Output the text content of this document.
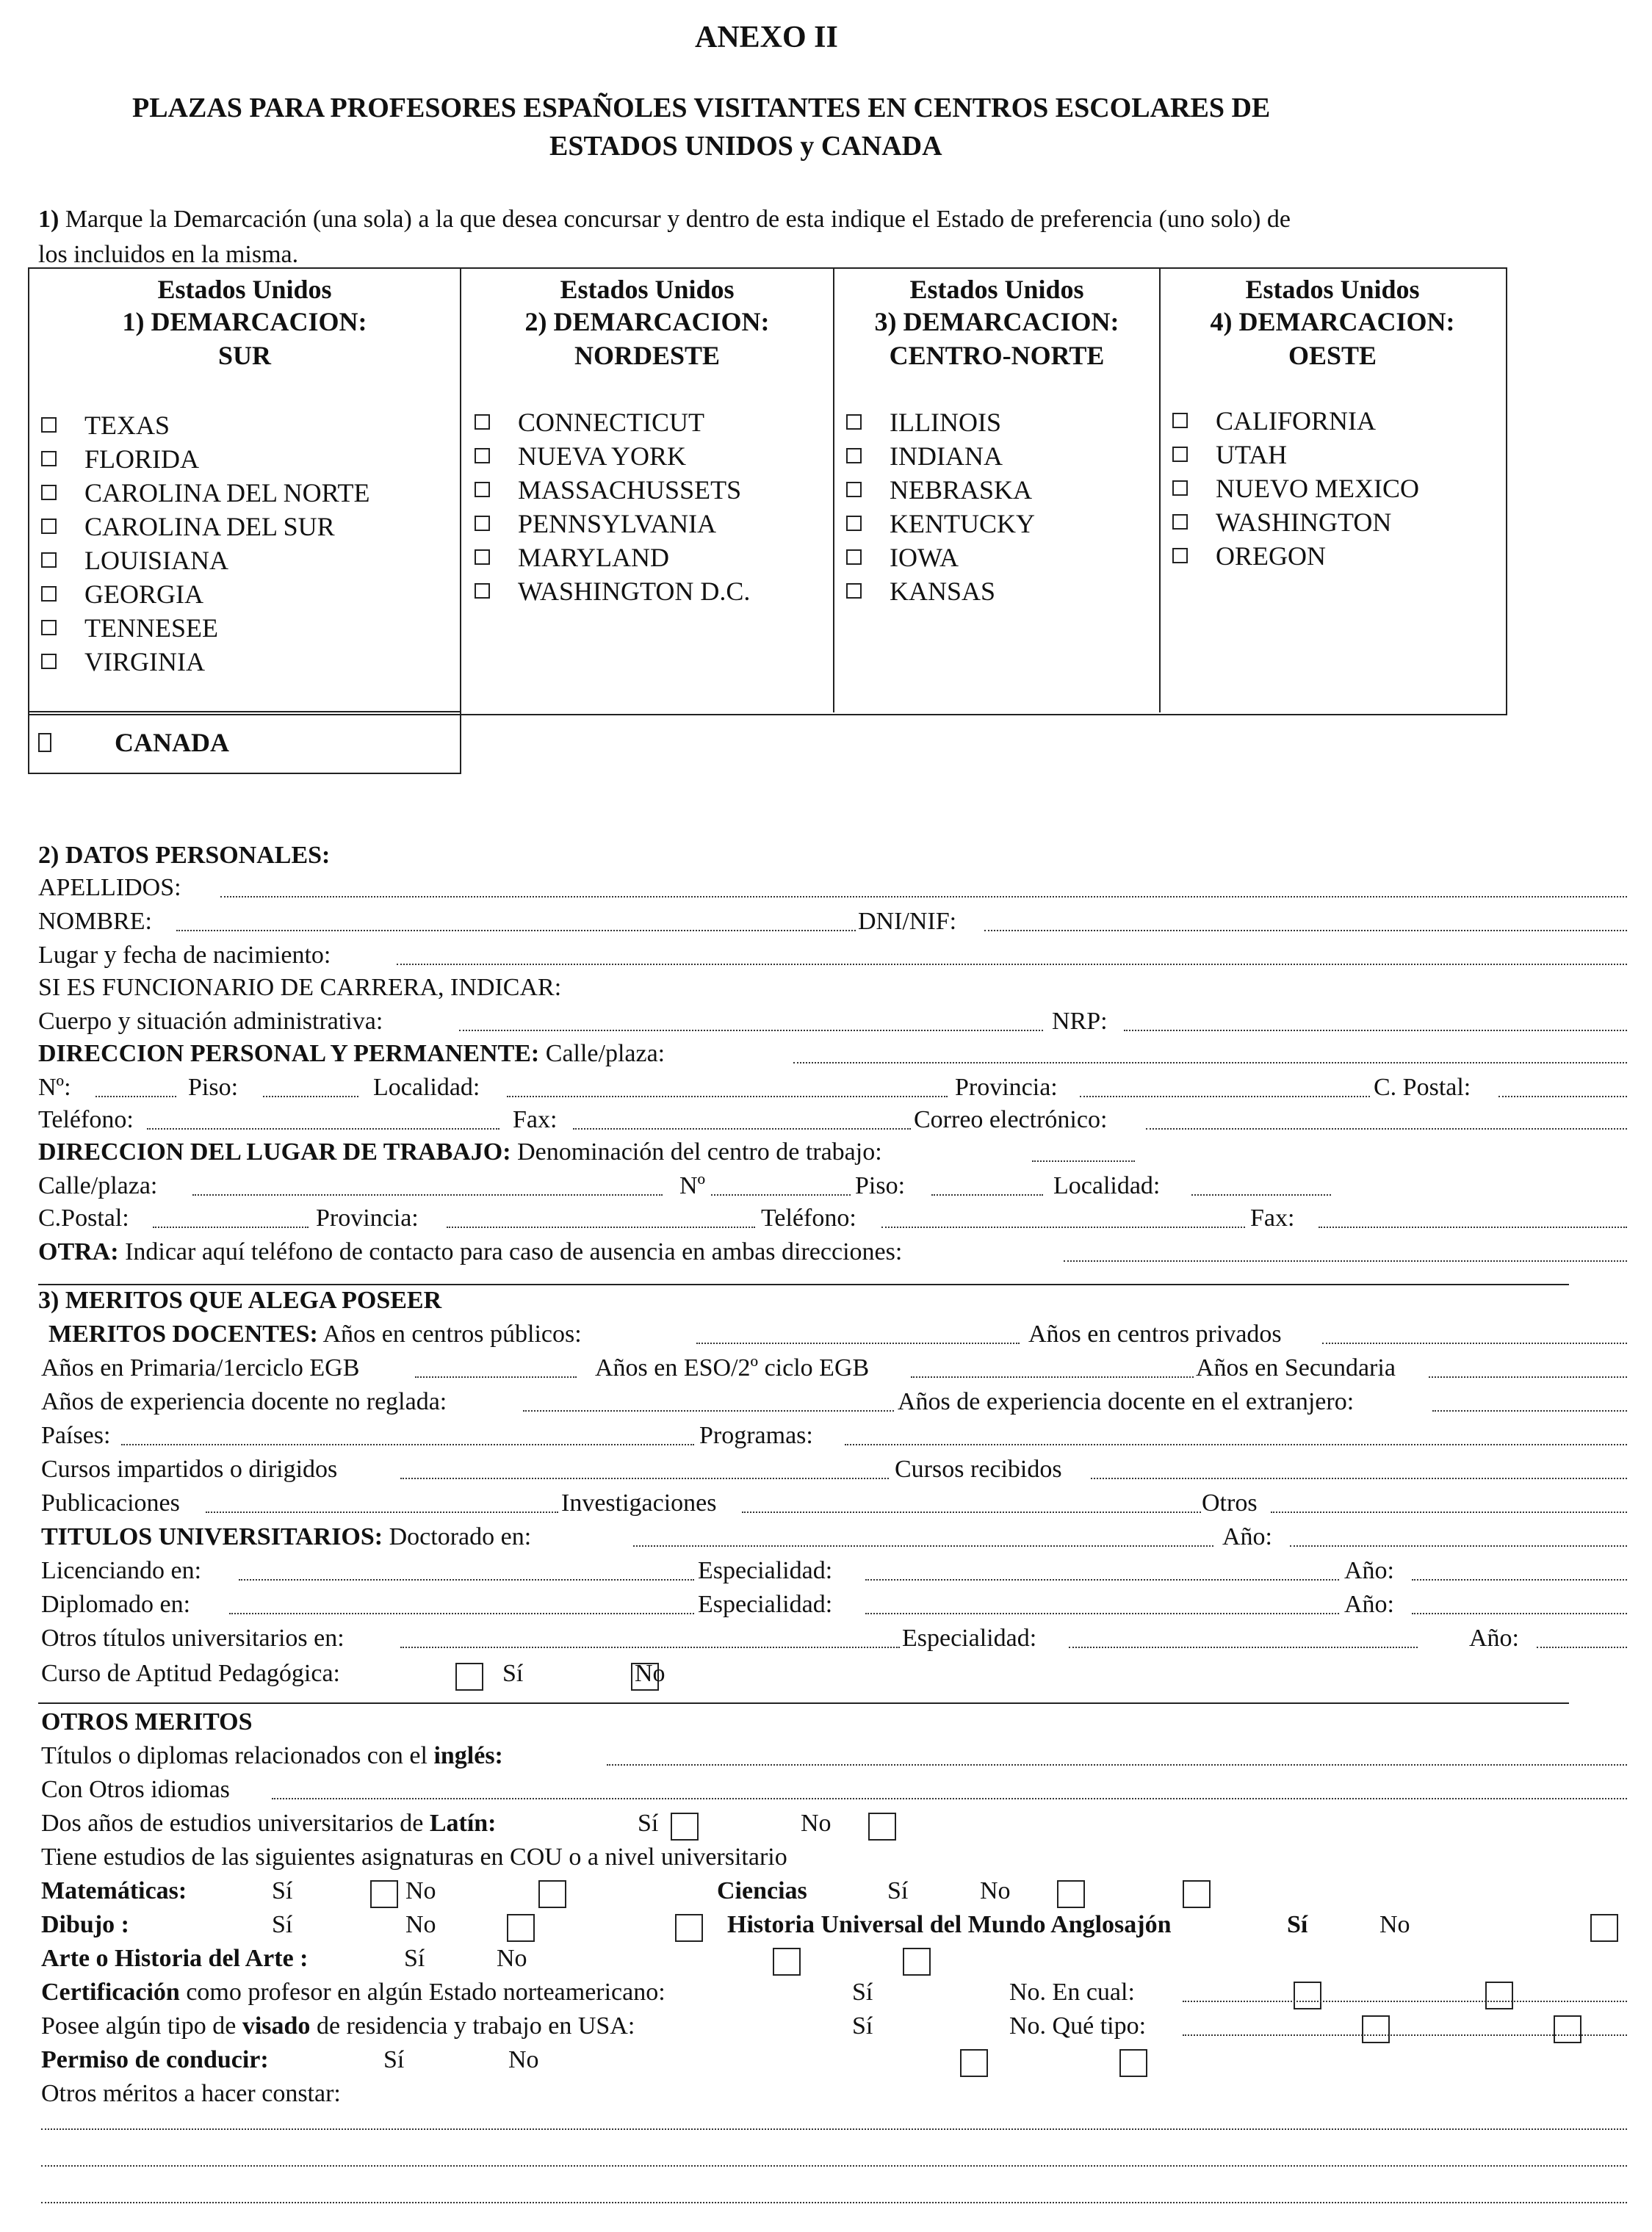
ANEXO II
PLAZAS PARA PROFESORES ESPAÑOLES VISITANTES EN CENTROS ESCOLARES DE
ESTADOS UNIDOS y CANADA
1) Marque la Demarcación (una sola) a la que desea concursar y dentro de esta indique el Estado de preferencia (uno solo) de
los incluidos en la misma.
Estados Unidos
1) DEMARCACION:
SUR
TEXAS
FLORIDA
CAROLINA DEL NORTE
CAROLINA DEL SUR
LOUISIANA
GEORGIA
TENNESEE
VIRGINIA
Estados Unidos
2) DEMARCACION:
NORDESTE
CONNECTICUT
NUEVA YORK
MASSACHUSSETS
PENNSYLVANIA
MARYLAND
WASHINGTON D.C.
Estados Unidos
3) DEMARCACION:
CENTRO-NORTE
ILLINOIS
INDIANA
NEBRASKA
KENTUCKY
IOWA
KANSAS
Estados Unidos
4) DEMARCACION:
OESTE
CALIFORNIA
UTAH
NUEVO MEXICO
WASHINGTON
OREGON
CANADA
2) DATOS PERSONALES:
APELLIDOS:
NOMBRE:	DNI/NIF:
Lugar y fecha de nacimiento:
SI ES FUNCIONARIO DE CARRERA, INDICAR:
Cuerpo y situación administrativa:	NRP:
DIRECCION PERSONAL Y PERMANENTE: Calle/plaza:
Nº:	Piso:	Localidad:	Provincia:	C. Postal:
Teléfono:	Fax:	Correo electrónico:
DIRECCION DEL LUGAR DE TRABAJO: Denominación del centro de trabajo:
Calle/plaza:	Nº	Piso:	Localidad:
C.Postal:	Provincia:	Teléfono:	Fax:
OTRA: Indicar aquí teléfono de contacto para caso de ausencia en ambas direcciones:
3) MERITOS QUE ALEGA POSEER
MERITOS DOCENTES: Años en centros públicos:	Años en centros privados
Años en Primaria/1erciclo EGB	Años en ESO/2º ciclo EGB	Años en Secundaria
Años de experiencia docente no reglada:	Años de experiencia docente en el extranjero:
Países:	Programas:
Cursos impartidos o dirigidos	Cursos recibidos
Publicaciones	Investigaciones	Otros
TITULOS UNIVERSITARIOS: Doctorado en:	Año:
Licenciando en:	Especialidad:	Año:
Diplomado en:	Especialidad:	Año:
Otros títulos universitarios en:	Especialidad:	Año:
Curso de Aptitud Pedagógica:
	Sí
	No
OTROS MERITOS
Títulos o diplomas relacionados con el inglés:
Con Otros idiomas
Dos años de estudios universitarios de Latín:
	Sí
	No
Tiene estudios de las siguientes asignaturas en COU o a nivel universitario
Matemáticas:
	Sí
	No	Ciencias
	Sí
	No
Dibujo :
	Sí
	No	Historia Universal del Mundo Anglosajón
	Sí
	No
Arte o Historia del Arte :
	Sí
	No
Certificación como profesor en algún Estado norteamericano:
	Sí
	No. En cual:
Posee algún tipo de visado de residencia y trabajo en USA:
	Sí
	No. Qué tipo:
Permiso de conducir:
	Sí	No
Otros méritos a hacer constar:
